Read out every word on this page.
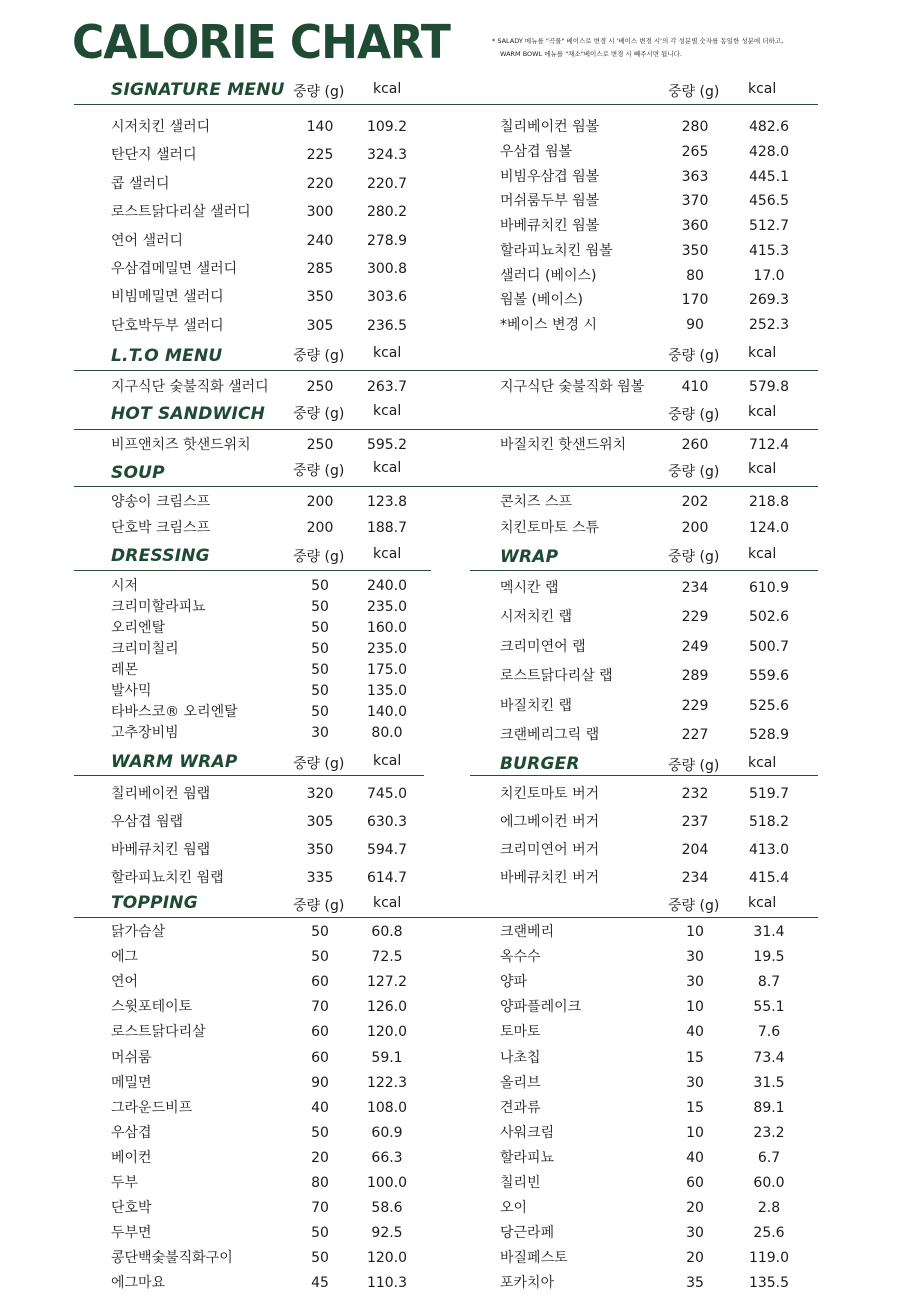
CALORIE CHART	* SALADY 메뉴를 "곡물" 베이스로 변경 시 '베이스 변경 시'의 각 성분별 숫자를 동일한 성분에 더하고,
WARM BOWL 메뉴를 "채소"베이스로 변경 시 빼주시면 됩니다.
SIGNATURE MENU 중량 (g) kcal	중량 (g) kcal
시저치킨 샐러디	140	109.2
탄단지 샐러디	225	324.3
콥 샐러디	220	220.7
로스트닭다리살 샐러디	300	280.2
연어 샐러디	240	278.9
우삼겹메밀면 샐러디	285	300.8
비빔메밀면 샐러디	350	303.6
단호박두부 샐러디	305	236.5
칠리베이컨 웜볼	280	482.6
우삼겹 웜볼	265	428.0
비빔우삼겹 웜볼	363	445.1
머쉬룸두부 웜볼	370	456.5
바베큐치킨 웜볼	360	512.7
할라피뇨치킨 웜볼	350	415.3
샐러디 (베이스)	80	17.0
웜볼 (베이스)	170	269.3
*베이스 변경 시	90	252.3
L.T.O MENU	중량 (g) kcal	중량 (g) kcal
지구식단 숯불직화 샐러디	250	263.7	지구식단 숯불직화 웜볼	410	579.8
HOT SANDWICH 중량 (g) kcal	중량 (g) kcal
비프앤치즈 핫샌드위치	250	595.2	바질치킨 핫샌드위치	260	712.4
SOUP	중량 (g) kcal	중량 (g) kcal
양송이 크림스프	200	123.8
단호박 크림스프	200	188.7
콘치즈 스프	202	218.8
치킨토마토 스튜	200	124.0
DRESSING	WRAP
중량 (g) kcal	중량 (g) kcal
시저	50	240.0
크리미할라피뇨	50	235.0
오리엔탈	50	160.0
크리미칠리	50	235.0
레몬	50	175.0
발사믹	50	135.0
타바스코® 오리엔탈	50	140.0
고추장비빔	30	80.0
멕시칸 랩	234	610.9
시저치킨 랩	229	502.6
크리미연어 랩	249	500.7
로스트닭다리살 랩	289	559.6
바질치킨 랩	229	525.6
크랜베리그릭 랩	227	528.9
WARM WRAP	BURGER
중량 (g) kcal	중량 (g) kcal
칠리베이컨 웜랩	320	745.0
우삼겹 웜랩	305	630.3
바베큐치킨 웜랩	350	594.7
할라피뇨치킨 웜랩	335	614.7
치킨토마토 버거	232	519.7
에그베이컨 버거	237	518.2
크리미연어 버거	204	413.0
바베큐치킨 버거	234	415.4
TOPPING	중량 (g) kcal	중량 (g) kcal
닭가슴살	50	60.8
에그	50	72.5
연어	60	127.2
스윗포테이토	70	126.0
로스트닭다리살	60	120.0
머쉬룸	60	59.1
메밀면	90	122.3
그라운드비프	40	108.0
우삼겹	50	60.9
베이컨	20	66.3
두부	80	100.0
단호박	70	58.6
두부면	50	92.5
콩단백숯불직화구이	50	120.0
에그마요	45	110.3
크랜베리	10	31.4
옥수수	30	19.5
양파	30	8.7
양파플레이크	10	55.1
토마토	40	7.6
나초칩	15	73.4
올리브	30	31.5
견과류	15	89.1
사워크림	10	23.2
할라피뇨	40	6.7
칠리빈	60	60.0
오이	20	2.8
당근라페	30	25.6
바질페스토	20	119.0
포카치아	35	135.5
